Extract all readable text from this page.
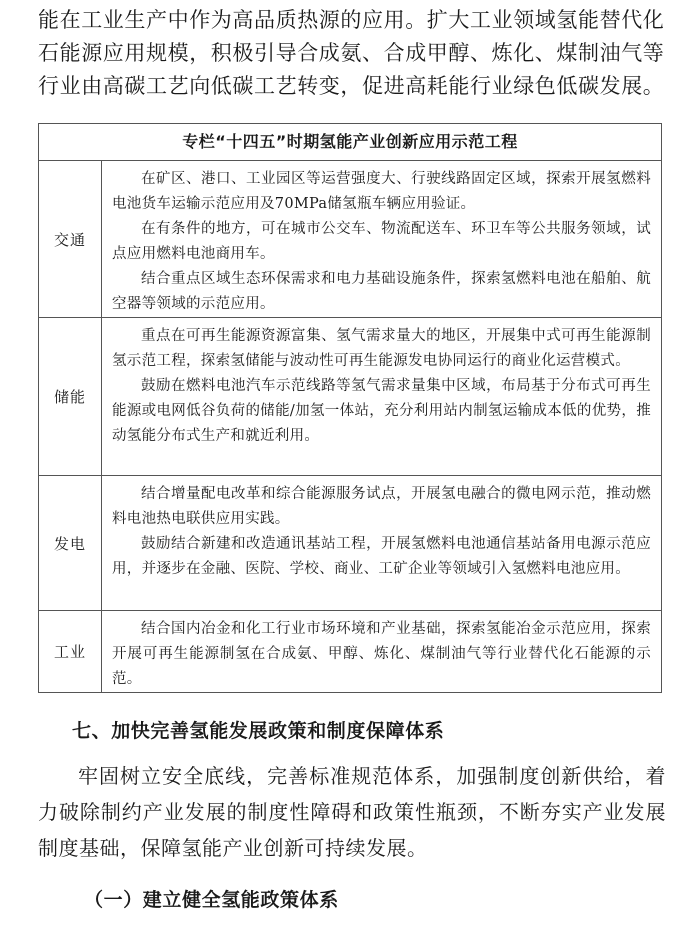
能在工业生产中作为高品质热源的应用。扩大工业领域氢能替代化
石能源应用规模，积极引导合成氨、合成甲醇、炼化、煤制油气等
行业由高碳工艺向低碳工艺转变，促进高耗能行业绿色低碳发展。
专栏“十四五”时期氢能产业创新应用示范工程
交通

在矿区、港口、工业园区等运营强度大、行驶线路固定区域，探索开展氢燃料电池货车运输示范应用及70MPa储氢瓶车辆应用验证。

在有条件的地方，可在城市公交车、物流配送车、环卫车等公共服务领域，试点应用燃料电池商用车。

结合重点区域生态环保需求和电力基础设施条件，探索氢燃料电池在船舶、航空器等领域的示范应用。

储能

重点在可再生能源资源富集、氢气需求量大的地区，开展集中式可再生能源制氢示范工程，探索氢储能与波动性可再生能源发电协同运行的商业化运营模式。

鼓励在燃料电池汽车示范线路等氢气需求量集中区域，布局基于分布式可再生能源或电网低谷负荷的储能/加氢一体站，充分利用站内制氢运输成本低的优势，推动氢能分布式生产和就近利用。

发电

结合增量配电改革和综合能源服务试点，开展氢电融合的微电网示范，推动燃料电池热电联供应用实践。

鼓励结合新建和改造通讯基站工程，开展氢燃料电池通信基站备用电源示范应用，并逐步在金融、医院、学校、商业、工矿企业等领域引入氢燃料电池应用。

工业

结合国内冶金和化工行业市场环境和产业基础，探索氢能冶金示范应用，探索开展可再生能源制氢在合成氨、甲醇、炼化、煤制油气等行业替代化石能源的示范。

七、加快完善氢能发展政策和制度保障体系

牢固树立安全底线，完善标准规范体系，加强制度创新供给，着力破除制约产业发展的制度性障碍和政策性瓶颈，不断夯实产业发展制度基础，保障氢能产业创新可持续发展。

（一）建立健全氢能政策体系
